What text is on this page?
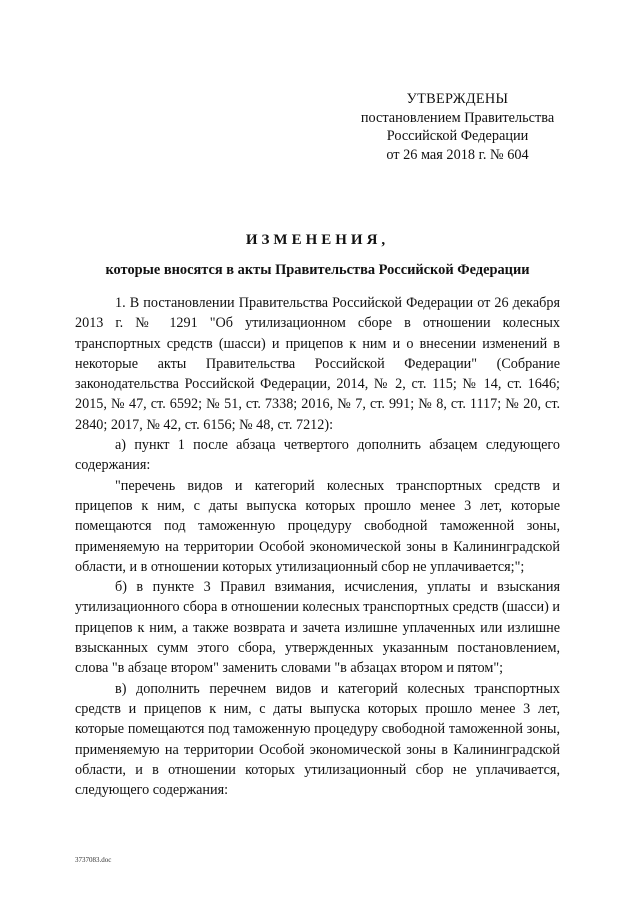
УТВЕРЖДЕНЫ
постановлением Правительства
Российской Федерации
от 26 мая 2018 г. № 604
ИЗМЕНЕНИЯ,
которые вносятся в акты Правительства Российской Федерации

1. В постановлении Правительства Российской Федерации от 26 декабря 2013 г. № 1291 "Об утилизационном сборе в отношении колесных транспортных средств (шасси) и прицепов к ним и о внесении изменений в некоторые акты Правительства Российской Федерации" (Собрание законодательства Российской Федерации, 2014, № 2, ст. 115; № 14, ст. 1646; 2015, № 47, ст. 6592; № 51, ст. 7338; 2016, № 7, ст. 991; № 8, ст. 1117; № 20, ст. 2840; 2017, № 42, ст. 6156; № 48, ст. 7212):

а) пункт 1 после абзаца четвертого дополнить абзацем следующего содержания:

"перечень видов и категорий колесных транспортных средств и прицепов к ним, с даты выпуска которых прошло менее 3 лет, которые помещаются под таможенную процедуру свободной таможенной зоны, применяемую на территории Особой экономической зоны в Калининградской области, и в отношении которых утилизационный сбор не уплачивается;";

б) в пункте 3 Правил взимания, исчисления, уплаты и взыскания утилизационного сбора в отношении колесных транспортных средств (шасси) и прицепов к ним, а также возврата и зачета излишне уплаченных или излишне взысканных сумм этого сбора, утвержденных указанным постановлением, слова "в абзаце втором" заменить словами "в абзацах втором и пятом";

в) дополнить перечнем видов и категорий колесных транспортных средств и прицепов к ним, с даты выпуска которых прошло менее 3 лет, которые помещаются под таможенную процедуру свободной таможенной зоны, применяемую на территории Особой экономической зоны в Калининградской области, и в отношении которых утилизационный сбор не уплачивается, следующего содержания:

3737083.doc
